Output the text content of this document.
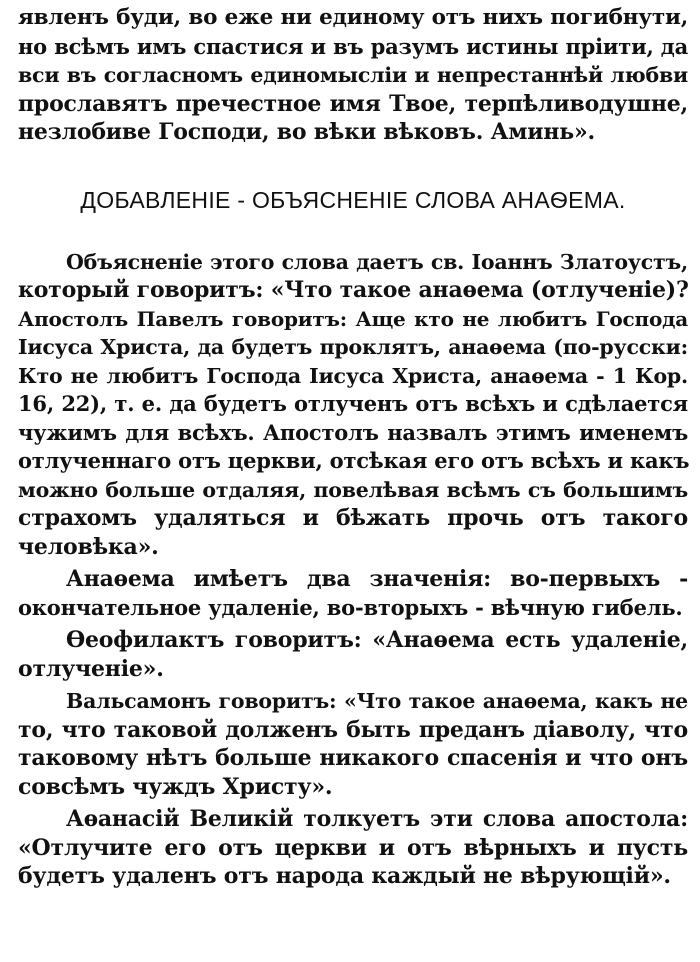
явленъ буди, во еже ни единому отъ нихъ погибнути,

но всѣмъ имъ спастися и въ разумъ истины прiити, да

вси въ согласномъ единомыслiи и непрестаннѣй любви

прославятъ пречестное имя Твое, терпѣливодушне,

незлобиве Господи, во вѣки вѣковъ. Аминь».

ДОБАВЛЕНIЕ - ОБЪЯСНЕНIЕ СЛОВА АНАѲЕМА.

Объясненiе этого слова даетъ св. Iоаннъ Златоустъ,

который говоритъ: «Что такое анаѳема (отлученiе)?

Апостолъ Павелъ говоритъ: Аще кто не любитъ Господа

Iисуса Христа, да будетъ проклятъ, анаѳема (по-русски:

Кто не любитъ Господа Iисуса Христа, анаѳема - 1 Кор.

16, 22), т. е. да будетъ отлученъ отъ всѣхъ и сдѣлается

чужимъ для всѣхъ. Апостолъ назвалъ этимъ именемъ

отлученнаго отъ церкви, отсѣкая его отъ всѣхъ и какъ

можно больше отдаляя, повелѣвая всѣмъ съ большимъ

страхомъ удаляться и бѣжать прочь отъ такого

человѣка».

Анаѳема имѣетъ два значенiя: во-первыхъ -

окончательное удаленiе, во-вторыхъ - вѣчную гибель.

Ѳеофилактъ говоритъ: «Анаѳема есть удаленiе,

отлученiе».

Вальсамонъ говоритъ: «Что такое анаѳема, какъ не

то, что таковой долженъ быть преданъ дiаволу, что

таковому нѣтъ больше никакого спасенiя и что онъ

совсѣмъ чуждъ Христу».

Аѳанасiй Великiй толкуетъ эти слова апостола:

«Отлучите его отъ церкви и отъ вѣрныхъ и пусть

будетъ удаленъ отъ народа каждый не вѣрующiй».
